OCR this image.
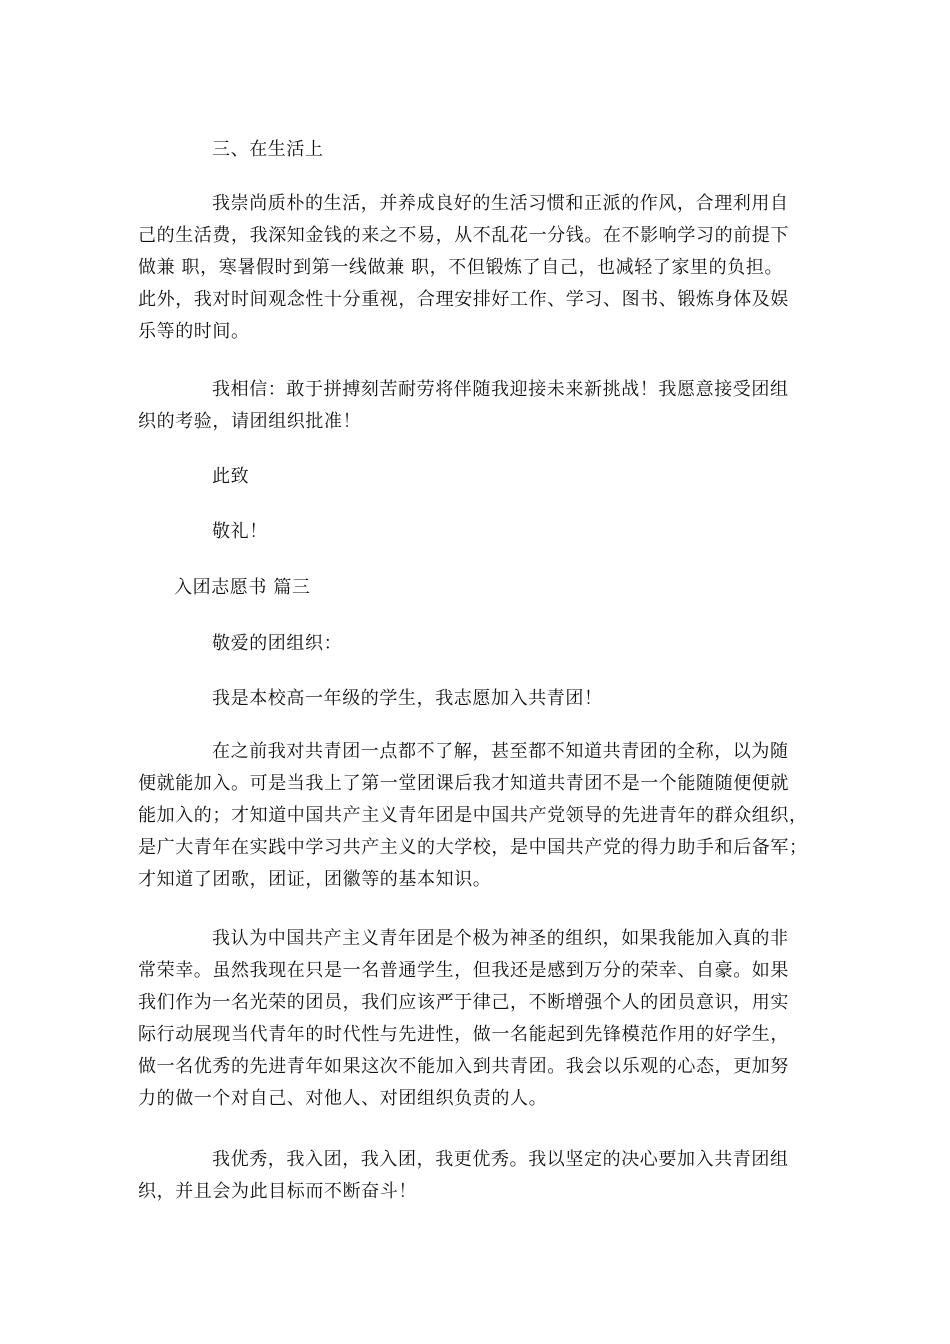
三、在生活上
我崇尚质朴的生活，并养成良好的生活习惯和正派的作风，合理利用自
己的生活费，我深知金钱的来之不易，从不乱花一分钱。在不影响学习的前提下
做兼 职，寒暑假时到第一线做兼 职，不但锻炼了自己，也减轻了家里的负担。
此外，我对时间观念性十分重视，合理安排好工作、学习、图书、锻炼身体及娱
乐等的时间。
我相信：敢于拼搏刻苦耐劳将伴随我迎接未来新挑战！我愿意接受团组
织的考验，请团组织批准！
此致
敬礼！
入团志愿书 篇三
敬爱的团组织：
我是本校高一年级的学生，我志愿加入共青团！
在之前我对共青团一点都不了解，甚至都不知道共青团的全称，以为随
便就能加入。可是当我上了第一堂团课后我才知道共青团不是一个能随随便便就
能加入的；才知道中国共产主义青年团是中国共产党领导的先进青年的群众组织，
是广大青年在实践中学习共产主义的大学校，是中国共产党的得力助手和后备军；
才知道了团歌，团证，团徽等的基本知识。
我认为中国共产主义青年团是个极为神圣的组织，如果我能加入真的非
常荣幸。虽然我现在只是一名普通学生，但我还是感到万分的荣幸、自豪。如果
我们作为一名光荣的团员，我们应该严于律己，不断增强个人的团员意识，用实
际行动展现当代青年的时代性与先进性，做一名能起到先锋模范作用的好学生，
做一名优秀的先进青年如果这次不能加入到共青团。我会以乐观的心态，更加努
力的做一个对自己、对他人、对团组织负责的人。
我优秀，我入团，我入团，我更优秀。我以坚定的决心要加入共青团组
织，并且会为此目标而不断奋斗！
